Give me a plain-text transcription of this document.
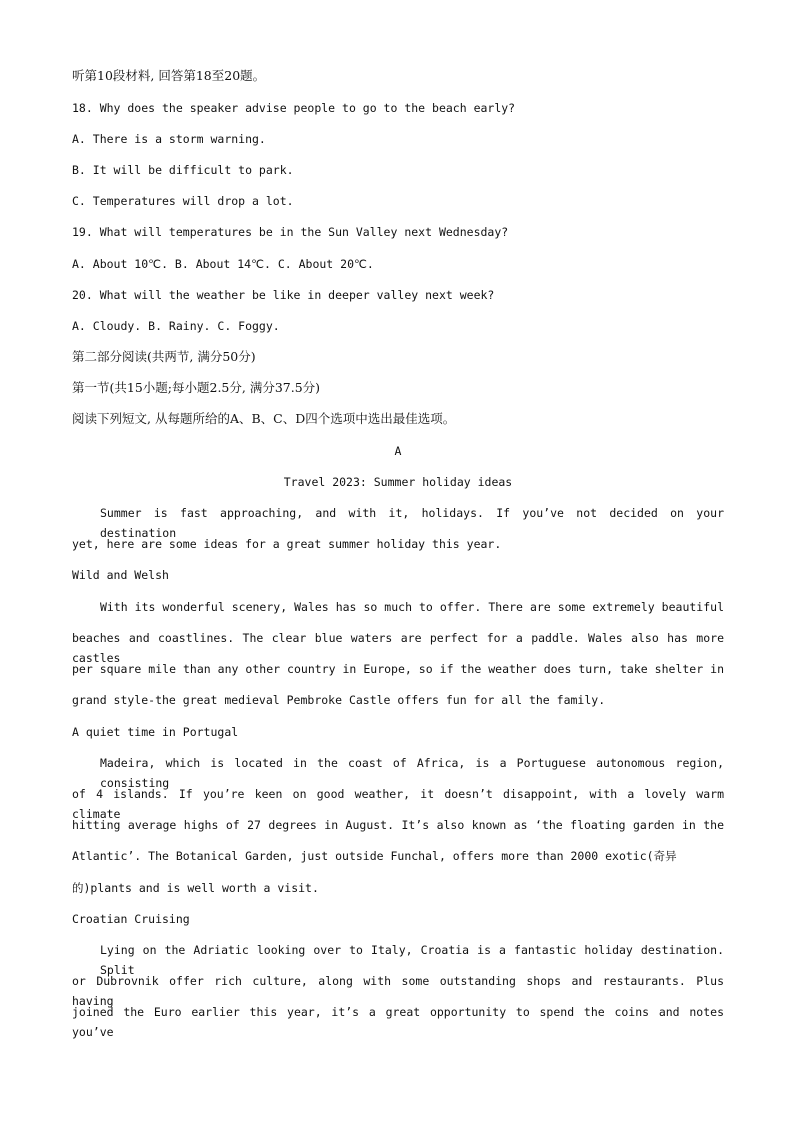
听第10段材料, 回答第18至20题。
18. Why does the speaker advise people to go to the beach early?
A. There is a storm warning.
B. It will be difficult to park.
C. Temperatures will drop a lot.
19. What will temperatures be in the Sun Valley next Wednesday?
A. About 10℃. B. About 14℃. C. About 20℃.
20. What will the weather be like in deeper valley next week?
A. Cloudy. B. Rainy. C. Foggy.
第二部分阅读(共两节, 满分50分)
第一节(共15小题;每小题2.5分, 满分37.5分)
阅读下列短文, 从每题所给的A、B、C、D四个选项中选出最佳选项。
A
Travel 2023: Summer holiday ideas
Summer is fast approaching, and with it, holidays. If you’ve not decided on your destination
yet, here are some ideas for a great summer holiday this year.
Wild and Welsh
With its wonderful scenery, Wales has so much to offer. There are some extremely beautiful
beaches and coastlines. The clear blue waters are perfect for a paddle. Wales also has more castles
per square mile than any other country in Europe, so if the weather does turn, take shelter in
grand style-the great medieval Pembroke Castle offers fun for all the family.
A quiet time in Portugal
Madeira, which is located in the coast of Africa, is a Portuguese autonomous region, consisting
of 4 islands. If you’re keen on good weather, it doesn’t disappoint, with a lovely warm climate
hitting average highs of 27 degrees in August. It’s also known as ‘the floating garden in the
Atlantic’. The Botanical Garden, just outside Funchal, offers more than 2000 exotic(奇异
的)plants and is well worth a visit.
Croatian Cruising
Lying on the Adriatic looking over to Italy, Croatia is a fantastic holiday destination. Split
or Dubrovnik offer rich culture, along with some outstanding shops and restaurants. Plus having
joined the Euro earlier this year, it’s a great opportunity to spend the coins and notes you’ve
